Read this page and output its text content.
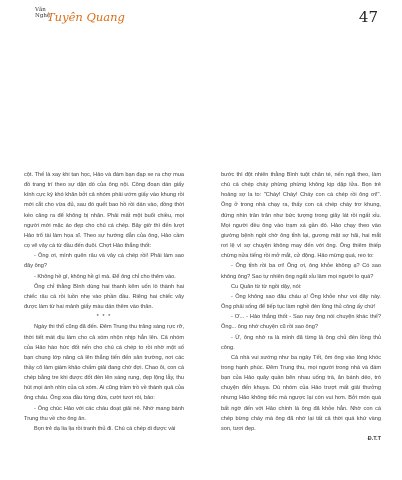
Văn Nghệ
Tuyên Quang	47

cột. Thế là xay khi tan học, Hảo và đám bạn đạp xe ra chợ mua đồ trang trí theo sự dặn dò của ông nội. Công đoạn dán giấy kính cực kỳ khó khăn bởi cả nhóm phải ướm giấy vào khung rồi mới cắt cho vừa đủ, sau đó quết bao hồ rồi dán vào, đồng thời kéo căng ra để không bị nhăn. Phải mất một buổi chiều, mọi người mới mặc áo đẹp cho chú cá chép. Bây giờ thì đến lượt Hảo trổ tài làm họa sĩ. Theo sự hướng dẫn của ông, Hảo cầm cọ vẽ vây cá từ đầu đến đuôi. Chợt Hảo thắng thốt:

- Ông ơi, mình quên râu và vây cá chép rồi! Phải làm sao đây ông?

- Không hề gì, không hề gì mà. Để ông chỉ cho thêm vào.

Ông chỉ thằng Bình dùng hai thanh kẽm uốn lò thành hai chiếc râu cá rồi luồn nhẹ vào phần đầu. Riêng hai chiếc vây được làm từ hai mảnh giấy màu dán thêm vào thân.

* * *

Ngày thi thổ cũng đã đến. Đêm Trung thu trăng sáng rực rỡ, thời tiết mát dịu làm cho cả xóm nhộn nhịp hẳn lên. Cả nhóm của Hảo háo hức đốt nến cho chú cá chép to rồi nhờ một số bạn chung lớp nâng cả lên thẳng tiến đến sân trường, nơi các thầy cô làm giám khảo chấm giải đang chờ đợi. Chao ôi, con cá chép bằng tre khi được đốt đèn lên sáng rung, đẹp lộng lẫy, thu hút mọi ánh nhìn của cả xóm. Ai cũng trầm trồ về thành quả của ông cháu. Ông xoa đầu từng đứa, cười tươi rói, bảo:

- Ông chúc Hảo với các cháu đoạt giải nè. Nhớ mang bánh Trung thu về cho ông ăn.

Bọn trẻ dạ lia lịa rồi tranh thủ đi. Chú cá chép di được vài

bước thì đột nhiên thằng Bình tuột chân té, nến ngã theo, làm chú cá chép cháy phừng phừng không kịp dập lửa. Bọn trẻ hoảng sợ la to: "Cháy! Cháy! Cháy con cá chép rồi ông ơi!". Ông ở trong nhà chạy ra, thấy con cá chép cháy trơ khung, đứng nhìn trân trân như bức tượng trong giây lát rồi ngất xỉu. Mọi người đều ông vào trạm xá gần đó. Hảo chạy theo vào giường bệnh ngồi chờ ông tỉnh lại, gương mặt sợ hãi, hai mắt rơi lệ vì sợ chuyện không may đến với ông. Ông thiêm thiếp chừng nửa tiếng rồi mở mắt, cử động. Hảo mừng quá, reo to:

- Ông tỉnh rồi ba ơi! Ông ơi, ông khỏe không ạ? Có sao không ông? Sao tự nhiên ông ngất xỉu làm mọi người lo quá?

Cu Quân từ từ ngồi dậy, nói:

- Ông không sao đâu cháu ạ! Ông khỏe như voi đây này. Ông phải sống để tiếp tục làm nghề đèn lồng thủ công ấy chứ!

- Ơ... - Hảo thắng thốt - Sao nay ông nói chuyện khác thế? Ông... ông nhớ chuyện cũ rồi sao ông?

- Ừ, ông nhớ ra là mình đã từng là ông chủ đèn lồng thủ công.

Cả nhà vui sướng như ba ngày Tết, ôm ông vào lòng khóc trong hạnh phúc. Đêm Trung thu, mọi người trong nhà và đám bạn của Hảo quây quần bên nhau uống trà, ăn bánh dẻo, trò chuyện đến khuya. Dù nhóm của Hảo trượt mất giải thưởng nhưng Hảo không tiếc mà ngược lại còn vui hơn. Bởi món quà bất ngờ đến với Hảo chính là ông đã khỏe hẳn. Nhờ con cá chép bừng cháy mà ông đã nhớ lại tất cả thời quá khứ vàng son, tươi đẹp.

Đ.T.T
